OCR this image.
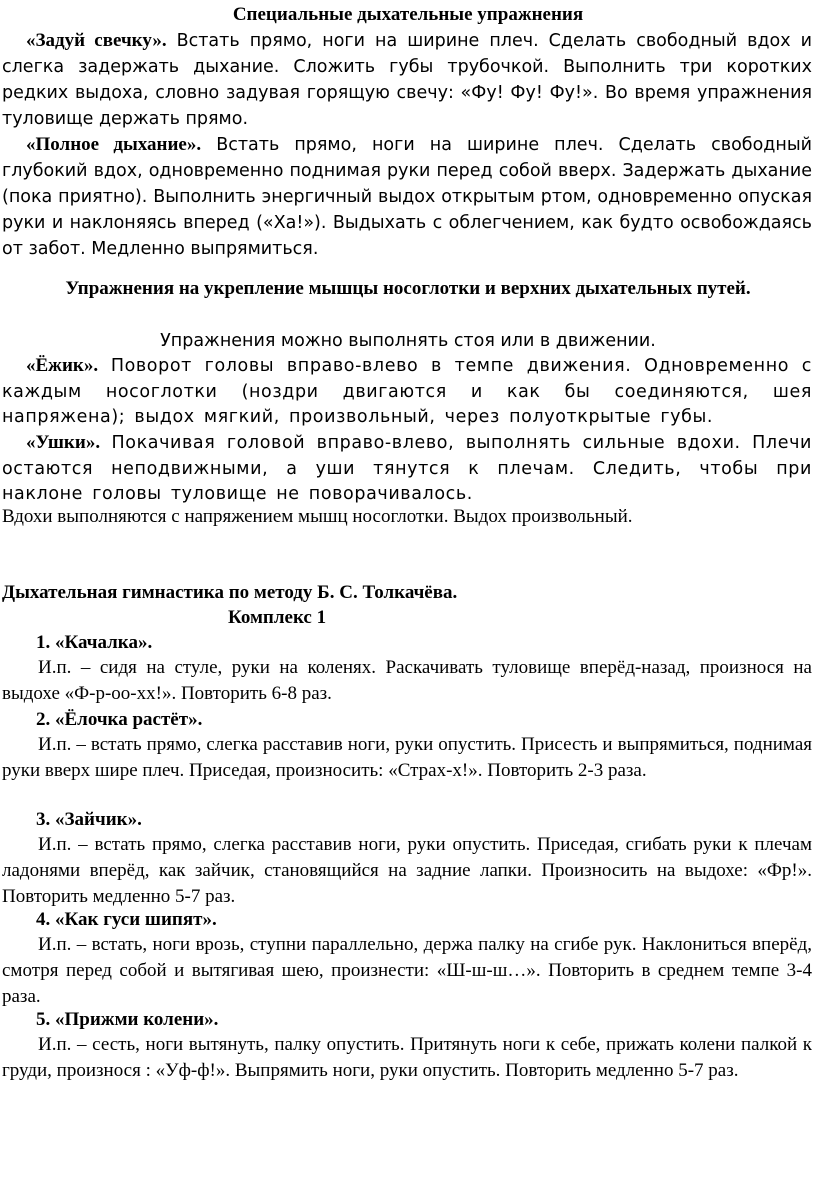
Специальные дыхательные упражнения
«Задуй свечку». Встать прямо, ноги на ширине плеч. Сделать свободный вдох и слегка задержать дыхание. Сложить губы трубочкой. Выполнить три коротких редких выдоха, словно задувая горящую свечу: «Фу! Фу! Фу!». Во время упражнения туловище держать прямо.
«Полное дыхание». Встать прямо, ноги на ширине плеч. Сделать свободный глубокий вдох, одновременно поднимая руки перед собой вверх. Задержать дыхание (пока приятно). Выполнить энергичный выдох открытым ртом, одновременно опуская руки и наклоняясь вперед («Ха!»). Выдыхать с облегчением, как будто освобождаясь от забот. Медленно выпрямиться.
Упражнения на укрепление мышцы носоглотки и верхних дыхательных путей.
Упражнения можно выполнять стоя или в движении.
«Ёжик». Поворот головы вправо-влево в темпе движения. Одновременно с каждым носоглотки (ноздри двигаются и как бы соединяются, шея напряжена); выдох мягкий, произвольный, через полуоткрытые губы.
«Ушки». Покачивая головой вправо-влево, выполнять сильные вдохи. Плечи остаются неподвижными, а уши тянутся к плечам. Следить, чтобы при наклоне головы туловище не поворачивалось.
Вдохи выполняются с напряжением мышц носоглотки. Выдох произвольный.
Дыхательная гимнастика по методу Б. С. Толкачёва.
Комплекс 1
1. «Качалка».
И.п. – сидя на стуле, руки на коленях. Раскачивать туловище вперёд-назад, произнося на выдохе «Ф-р-оо-хх!». Повторить 6-8 раз.
2. «Ёлочка растёт».
И.п. – встать прямо, слегка расставив ноги, руки опустить. Присесть и выпрямиться, поднимая руки вверх шире плеч. Приседая, произносить: «Страх-х!». Повторить 2-3 раза.
3. «Зайчик».
И.п. – встать прямо, слегка расставив ноги, руки опустить. Приседая, сгибать руки к плечам ладонями вперёд, как зайчик, становящийся на задние лапки. Произносить на выдохе: «Фр!». Повторить медленно 5-7 раз.
4. «Как гуси шипят».
И.п. – встать, ноги врозь, ступни параллельно, держа палку на сгибе рук. Наклониться вперёд, смотря перед собой и вытягивая шею, произнести: «Ш-ш-ш…». Повторить в среднем темпе 3-4 раза.
5. «Прижми колени».
И.п. – сесть, ноги вытянуть, палку опустить. Притянуть ноги к себе, прижать колени палкой к груди, произнося : «Уф-ф!». Выпрямить ноги, руки опустить. Повторить медленно 5-7 раз.
